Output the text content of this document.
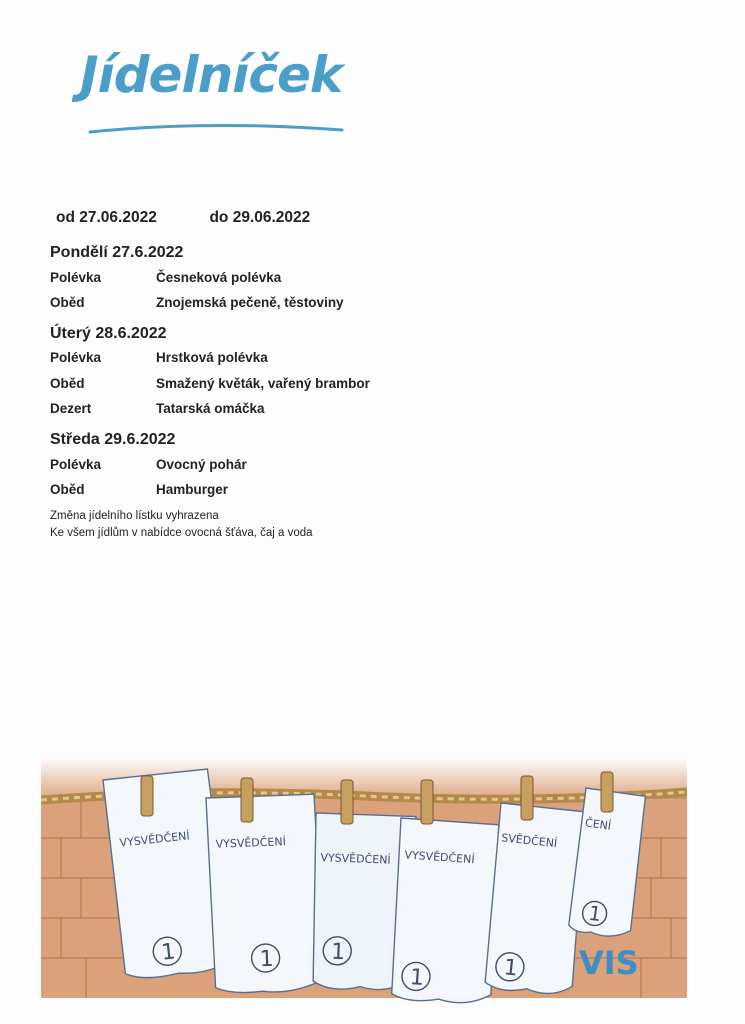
Jídelníček
od 27.06.2022	do 29.06.2022
Pondělí 27.6.2022
Polévka	Česneková polévka
Oběd	Znojemská pečeně, těstoviny
Úterý 28.6.2022
Polévka	Hrstková polévka
Oběd	Smažený květák, vařený brambor
Dezert	Tatarská omáčka
Středa 29.6.2022
Polévka	Ovocný pohár
Oběd	Hamburger
Změna jídelního lístku vyhrazena
Ke všem jídlům v nabídce ovocná šťáva, čaj a voda
VYSVĚDČENÍ
1
VYSVĚDČENÍ
1
VYSVĚDČENÍ
1
VYSVĚDČENÍ
1
SVĚDČENÍ
1
ČENÍ
1
VIS
